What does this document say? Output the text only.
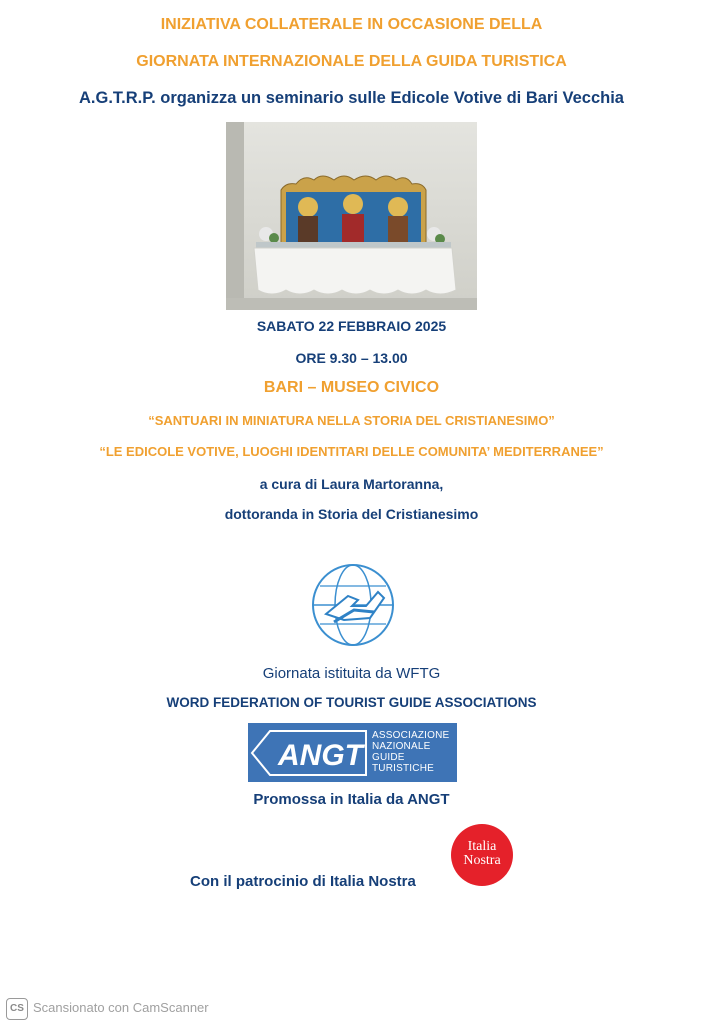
INIZIATIVA COLLATERALE IN OCCASIONE DELLA
GIORNATA INTERNAZIONALE DELLA GUIDA TURISTICA
A.G.T.R.P. organizza un seminario sulle Edicole Votive di Bari Vecchia
SABATO 22 FEBBRAIO 2025
ORE 9.30 – 13.00
BARI – MUSEO CIVICO
“SANTUARI IN MINIATURA NELLA STORIA DEL CRISTIANESIMO”
“LE EDICOLE VOTIVE, LUOGHI IDENTITARI DELLE COMUNITA’ MEDITERRANEE”
a cura di Laura Martoranna,
dottoranda in Storia del Cristianesimo
Giornata istituita da WFTG
WORD FEDERATION OF TOURIST GUIDE ASSOCIATIONS
ANGT
ASSOCIAZIONE
NAZIONALE
GUIDE
TURISTICHE
Promossa in Italia da ANGT
Italia
Nostra
Con il patrocinio di Italia Nostra
CS Scansionato con CamScanner
